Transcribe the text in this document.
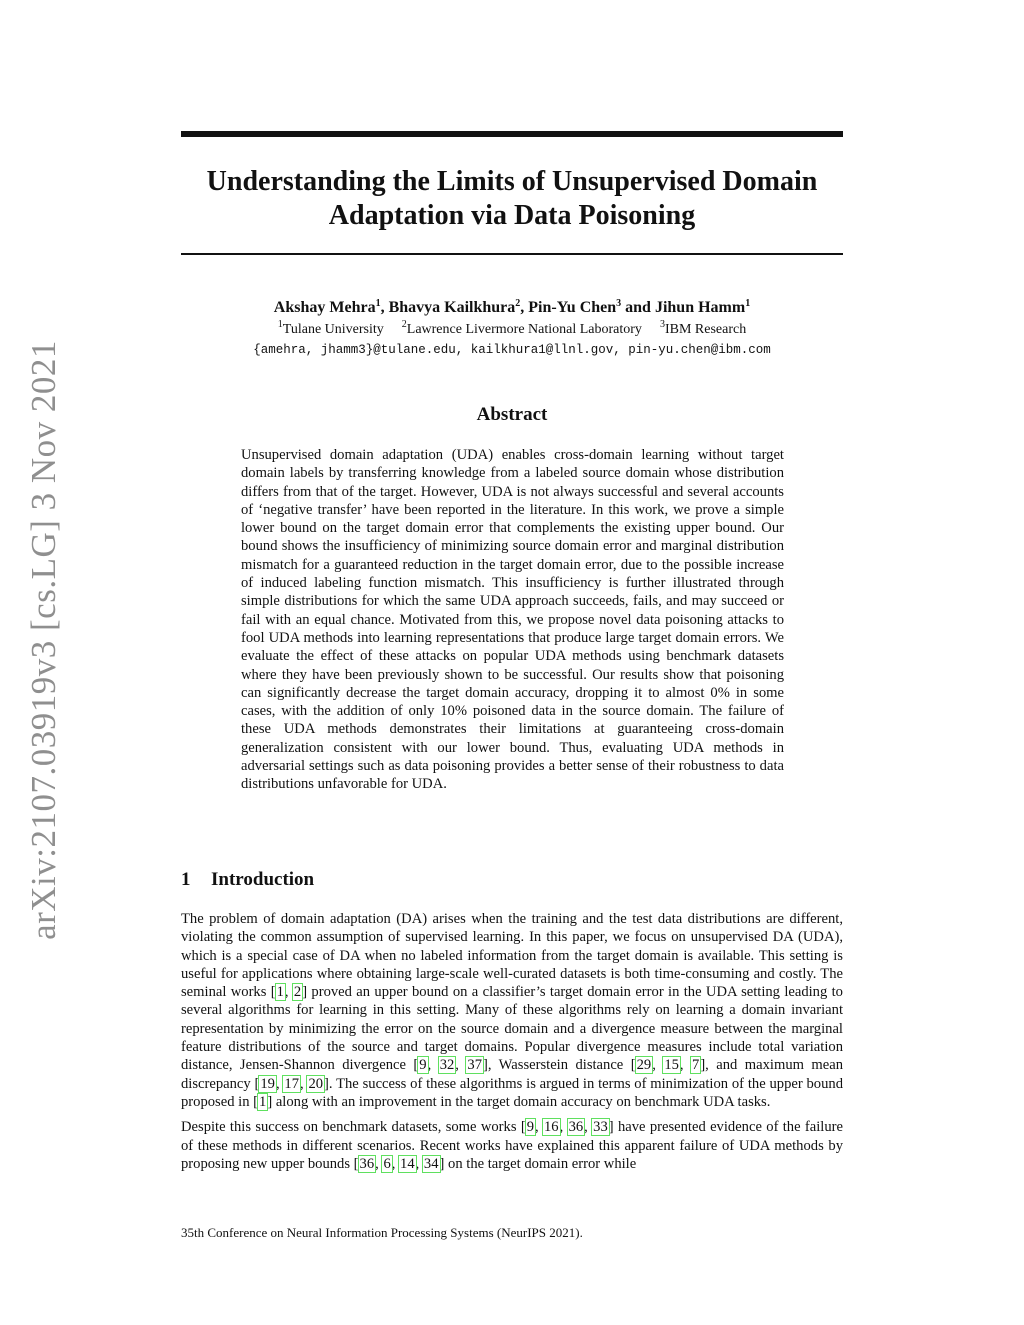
arXiv:2107.03919v3 [cs.LG] 3 Nov 2021
Understanding the Limits of Unsupervised Domain
Adaptation via Data Poisoning
Akshay Mehra$^1$, Bhavya Kailkhura$^2$, Pin-Yu Chen$^3$ and Jihun Hamm$^1$
$^1$Tulane University $^2$Lawrence Livermore National Laboratory $^3$IBM Research
{amehra, jhamm3}@tulane.edu, kailkhura1@llnl.gov, pin-yu.chen@ibm.com
Abstract
Unsupervised domain adaptation (UDA) enables cross-domain learning without target domain labels by transferring knowledge from a labeled source domain whose distribution differs from that of the target. However, UDA is not always successful and several accounts of ‘negative transfer’ have been reported in the literature. In this work, we prove a simple lower bound on the target domain error that complements the existing upper bound. Our bound shows the insufficiency of minimizing source domain error and marginal distribution mismatch for a guaranteed reduction in the target domain error, due to the possible increase of induced labeling function mismatch. This insufficiency is further illustrated through simple distributions for which the same UDA approach succeeds, fails, and may succeed or fail with an equal chance. Motivated from this, we propose novel data poisoning attacks to fool UDA methods into learning representations that produce large target domain errors. We evaluate the effect of these attacks on popular UDA methods using benchmark datasets where they have been previously shown to be successful. Our results show that poisoning can significantly decrease the target domain accuracy, dropping it to almost 0% in some cases, with the addition of only 10% poisoned data in the source domain. The failure of these UDA methods demonstrates their limitations at guaranteeing cross-domain generalization consistent with our lower bound. Thus, evaluating UDA methods in adversarial settings such as data poisoning provides a better sense of their robustness to data distributions unfavorable for UDA.
1 Introduction

The problem of domain adaptation (DA) arises when the training and the test data distributions are different, violating the common assumption of supervised learning. In this paper, we focus on unsupervised DA (UDA), which is a special case of DA when no labeled information from the target domain is available. This setting is useful for applications where obtaining large-scale well-curated datasets is both time-consuming and costly. The seminal works [1, 2] proved an upper bound on a classifier’s target domain error in the UDA setting leading to several algorithms for learning in this setting. Many of these algorithms rely on learning a domain invariant representation by minimizing the error on the source domain and a divergence measure between the marginal feature distributions of the source and target domains. Popular divergence measures include total variation distance, Jensen-Shannon divergence [9, 32, 37], Wasserstein distance [29, 15, 7], and maximum mean discrepancy [19, 17, 20]. The success of these algorithms is argued in terms of minimization of the upper bound proposed in [1] along with an improvement in the target domain accuracy on benchmark UDA tasks.

Despite this success on benchmark datasets, some works [9, 16, 36, 33] have presented evidence of the failure of these methods in different scenarios. Recent works have explained this apparent failure of UDA methods by proposing new upper bounds [36, 6, 14, 34] on the target domain error while

35th Conference on Neural Information Processing Systems (NeurIPS 2021).
